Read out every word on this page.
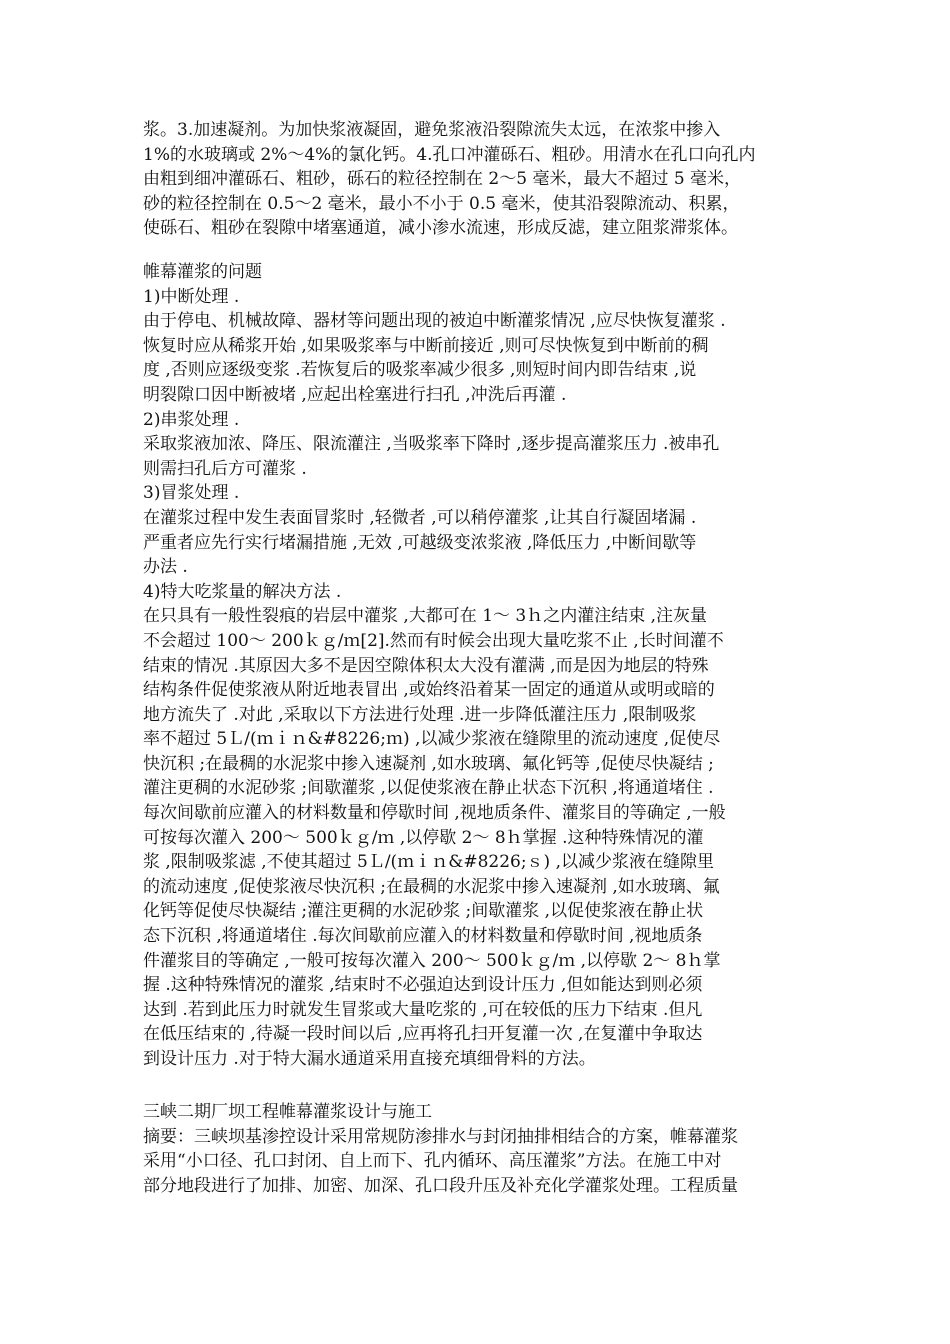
浆。3.加速凝剂。为加快浆液凝固，避免浆液沿裂隙流失太远，在浓浆中掺入
1%的水玻璃或 2%～4%的氯化钙。4.孔口冲灌砾石、粗砂。用清水在孔口向孔内
由粗到细冲灌砾石、粗砂，砾石的粒径控制在 2～5 毫米，最大不超过 5 毫米，
砂的粒径控制在 0.5～2 毫米，最小不小于 0.5 毫米，使其沿裂隙流动、积累，
使砾石、粗砂在裂隙中堵塞通道，减小渗水流速，形成反滤，建立阻浆滞浆体。
帷幕灌浆的问题
1)中断处理 .
由于停电、机械故障、器材等问题出现的被迫中断灌浆情况 ,应尽快恢复灌浆 .
恢复时应从稀浆开始 ,如果吸浆率与中断前接近 ,则可尽快恢复到中断前的稠
度 ,否则应逐级变浆 .若恢复后的吸浆率减少很多 ,则短时间内即告结束 ,说
明裂隙口因中断被堵 ,应起出栓塞进行扫孔 ,冲洗后再灌 .
2)串浆处理 .
采取浆液加浓、降压、限流灌注 ,当吸浆率下降时 ,逐步提高灌浆压力 .被串孔
则需扫孔后方可灌浆 .
3)冒浆处理 .
在灌浆过程中发生表面冒浆时 ,轻微者 ,可以稍停灌浆 ,让其自行凝固堵漏 .
严重者应先行实行堵漏措施 ,无效 ,可越级变浓浆液 ,降低压力 ,中断间歇等
办法 .
4)特大吃浆量的解决方法 .
在只具有一般性裂痕的岩层中灌浆 ,大都可在 1～ 3ｈ之内灌注结束 ,注灰量
不会超过 100～ 200ｋｇ/ｍ[2].然而有时候会出现大量吃浆不止 ,长时间灌不
结束的情况 .其原因大多不是因空隙体积太大没有灌满 ,而是因为地层的特殊
结构条件促使浆液从附近地表冒出 ,或始终沿着某一固定的通道从或明或暗的
地方流失了 .对此 ,采取以下方法进行处理 .进一步降低灌注压力 ,限制吸浆
率不超过 5Ｌ/(ｍｉｎ&#8226;ｍ) ,以减少浆液在缝隙里的流动速度 ,促使尽
快沉积 ;在最稠的水泥浆中掺入速凝剂 ,如水玻璃、氟化钙等 ,促使尽快凝结 ;
灌注更稠的水泥砂浆 ;间歇灌浆 ,以促使浆液在静止状态下沉积 ,将通道堵住 .
每次间歇前应灌入的材料数量和停歇时间 ,视地质条件、灌浆目的等确定 ,一般
可按每次灌入 200～ 500ｋｇ/ｍ ,以停歇 2～ 8ｈ掌握 .这种特殊情况的灌
浆 ,限制吸浆滤 ,不使其超过 5Ｌ/(ｍｉｎ&#8226;ｓ) ,以减少浆液在缝隙里
的流动速度 ,促使浆液尽快沉积 ;在最稠的水泥浆中掺入速凝剂 ,如水玻璃、氟
化钙等促使尽快凝结 ;灌注更稠的水泥砂浆 ;间歇灌浆 ,以促使浆液在静止状
态下沉积 ,将通道堵住 .每次间歇前应灌入的材料数量和停歇时间 ,视地质条
件灌浆目的等确定 ,一般可按每次灌入 200～ 500ｋｇ/ｍ ,以停歇 2～ 8ｈ掌
握 .这种特殊情况的灌浆 ,结束时不必强迫达到设计压力 ,但如能达到则必须
达到 .若到此压力时就发生冒浆或大量吃浆的 ,可在较低的压力下结束 .但凡
在低压结束的 ,待凝一段时间以后 ,应再将孔扫开复灌一次 ,在复灌中争取达
到设计压力 .对于特大漏水通道采用直接充填细骨料的方法。
三峡二期厂坝工程帷幕灌浆设计与施工
摘要：三峡坝基渗控设计采用常规防渗排水与封闭抽排相结合的方案，帷幕灌浆
采用“小口径、孔口封闭、自上而下、孔内循环、高压灌浆”方法。在施工中对
部分地段进行了加排、加密、加深、孔口段升压及补充化学灌浆处理。工程质量
